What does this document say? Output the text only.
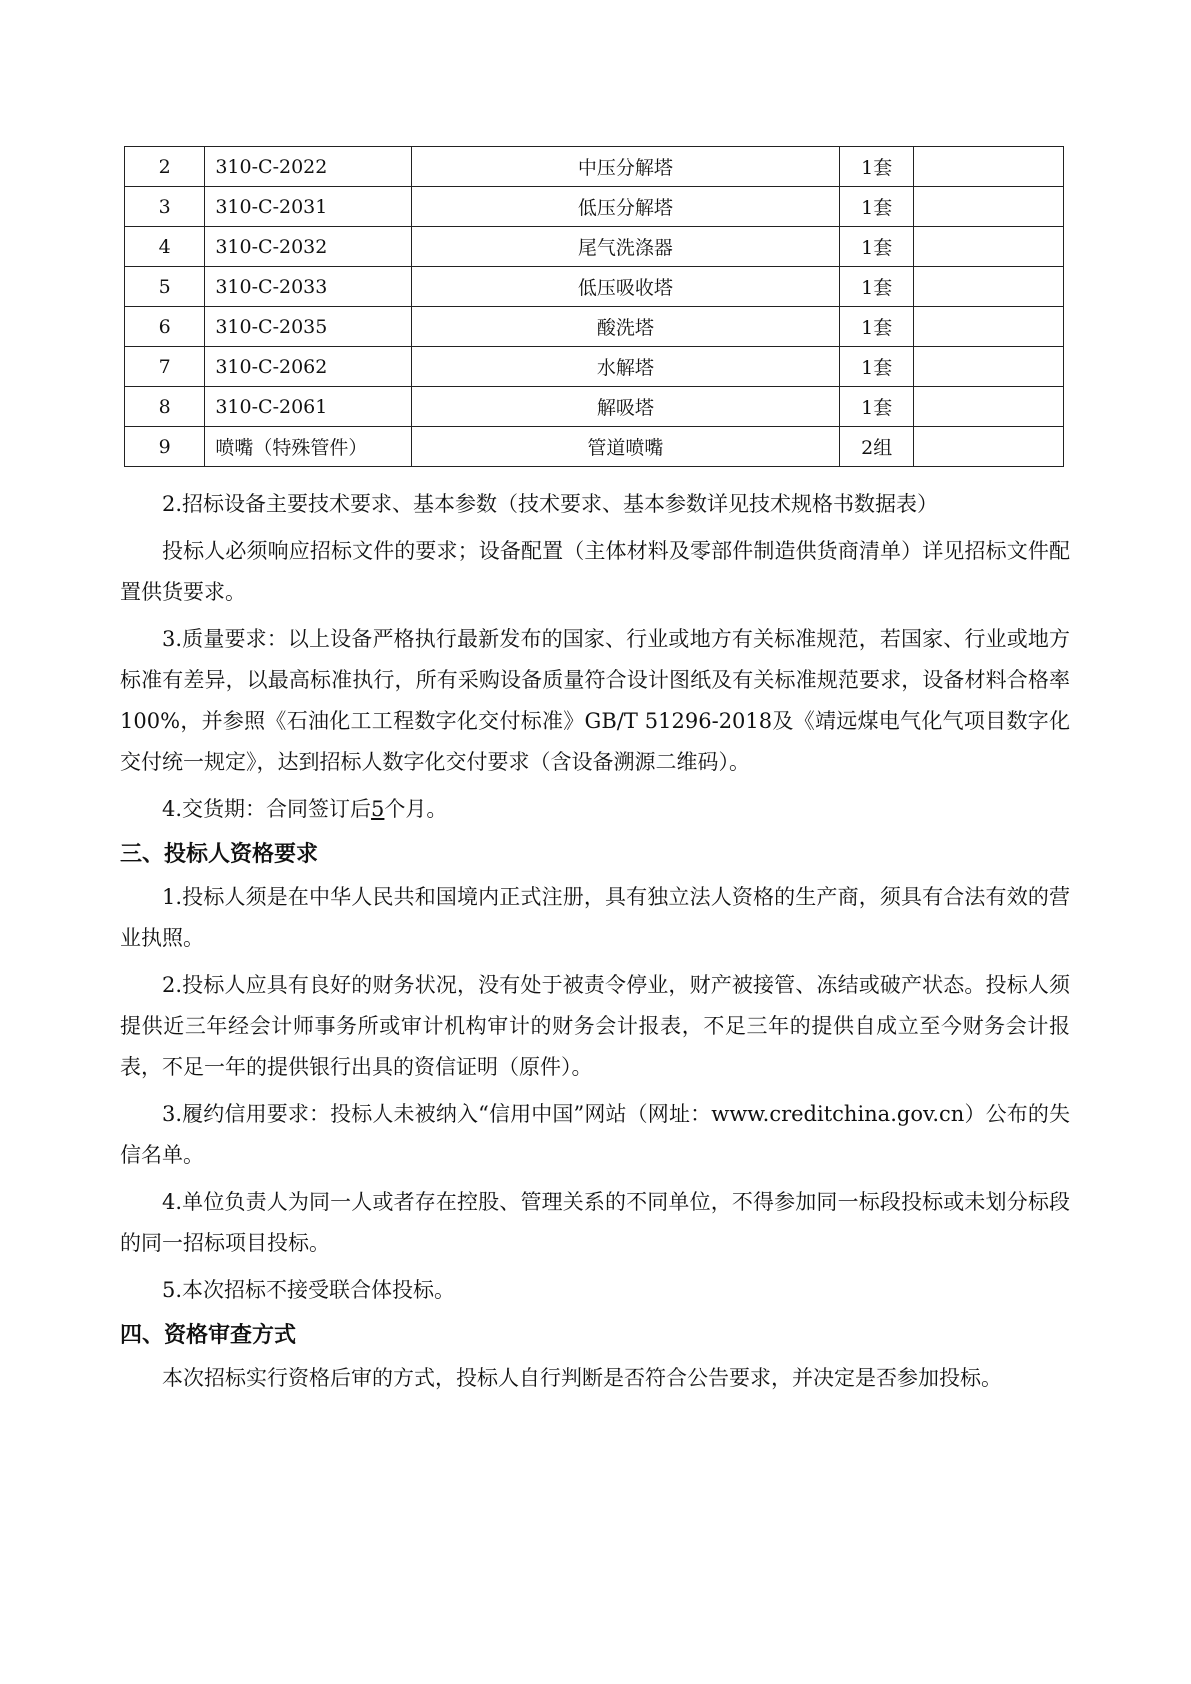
2	310-C-2022	中压分解塔	1套	
3	310-C-2031	低压分解塔	1套	
4	310-C-2032	尾气洗涤器	1套	
5	310-C-2033	低压吸收塔	1套	
6	310-C-2035	酸洗塔	1套	
7	310-C-2062	水解塔	1套	
8	310-C-2061	解吸塔	1套	
9	喷嘴（特殊管件）	管道喷嘴	2组	

2.招标设备主要技术要求、基本参数（技术要求、基本参数详见技术规格书数据表）

投标人必须响应招标文件的要求；设备配置（主体材料及零部件制造供货商清单）详见招标文件配置供货要求。

3.质量要求：以上设备严格执行最新发布的国家、行业或地方有关标准规范，若国家、行业或地方标准有差异，以最高标准执行，所有采购设备质量符合设计图纸及有关标准规范要求，设备材料合格率100%，并参照《石油化工工程数字化交付标准》GB/T 51296-2018及《靖远煤电气化气项目数字化交付统一规定》，达到招标人数字化交付要求（含设备溯源二维码）。

4.交货期：合同签订后5个月。

三、投标人资格要求

1.投标人须是在中华人民共和国境内正式注册，具有独立法人资格的生产商，须具有合法有效的营业执照。

2.投标人应具有良好的财务状况，没有处于被责令停业，财产被接管、冻结或破产状态。投标人须提供近三年经会计师事务所或审计机构审计的财务会计报表，不足三年的提供自成立至今财务会计报表，不足一年的提供银行出具的资信证明（原件）。

3.履约信用要求：投标人未被纳入“信用中国”网站（网址：www.creditchina.gov.cn）公布的失信名单。

4.单位负责人为同一人或者存在控股、管理关系的不同单位，不得参加同一标段投标或未划分标段的同一招标项目投标。

5.本次招标不接受联合体投标。

四、资格审查方式

本次招标实行资格后审的方式，投标人自行判断是否符合公告要求，并决定是否参加投标。
